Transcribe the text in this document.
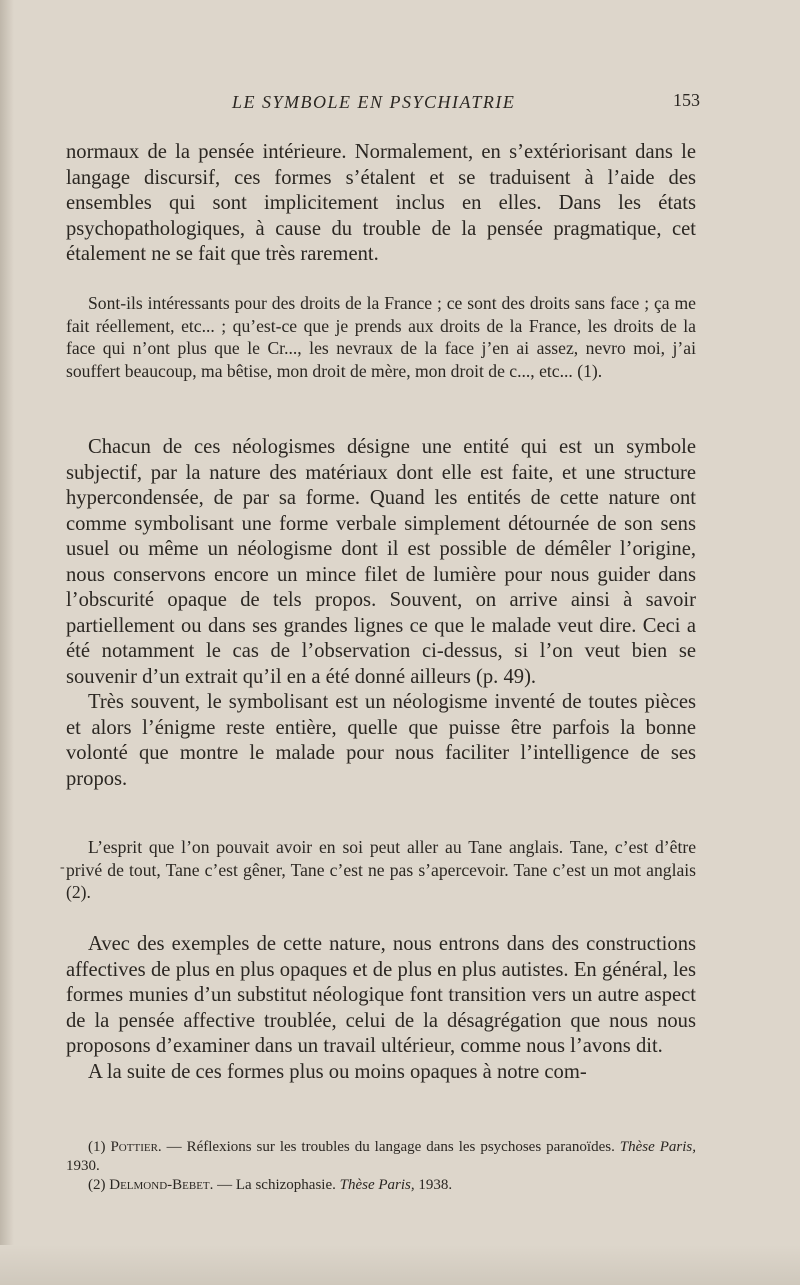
LE SYMBOLE EN PSYCHIATRIE	153

normaux de la pensée intérieure. Normalement, en s’extériorisant dans le langage discursif, ces formes s’étalent et se traduisent à l’aide des ensembles qui sont implicitement inclus en elles. Dans les états psychopathologiques, à cause du trouble de la pensée pragmatique, cet étalement ne se fait que très rarement.

Sont-ils intéressants pour des droits de la France ; ce sont des droits sans face ; ça me fait réellement, etc... ; qu’est-ce que je prends aux droits de la France, les droits de la face qui n’ont plus que le Cr..., les nevraux de la face j’en ai assez, nevro moi, j’ai souffert beaucoup, ma bêtise, mon droit de mère, mon droit de c..., etc... (1).

Chacun de ces néologismes désigne une entité qui est un symbole subjectif, par la nature des matériaux dont elle est faite, et une structure hypercondensée, de par sa forme. Quand les entités de cette nature ont comme symbolisant une forme verbale simplement détournée de son sens usuel ou même un néologisme dont il est possible de démêler l’origine, nous conservons encore un mince filet de lumière pour nous guider dans l’obscurité opaque de tels propos. Souvent, on arrive ainsi à savoir partiellement ou dans ses grandes lignes ce que le malade veut dire. Ceci a été notamment le cas de l’observation ci-dessus, si l’on veut bien se souvenir d’un extrait qu’il en a été donné ailleurs (p. 49).

Très souvent, le symbolisant est un néologisme inventé de toutes pièces et alors l’énigme reste entière, quelle que puisse être parfois la bonne volonté que montre le malade pour nous faciliter l’intelligence de ses propos.

-

L’esprit que l’on pouvait avoir en soi peut aller au Tane anglais. Tane, c’est d’être privé de tout, Tane c’est gêner, Tane c’est ne pas s’apercevoir. Tane c’est un mot anglais (2).

Avec des exemples de cette nature, nous entrons dans des constructions affectives de plus en plus opaques et de plus en plus autistes. En général, les formes munies d’un substitut néologique font transition vers un autre aspect de la pensée affective troublée, celui de la désagrégation que nous nous proposons d’examiner dans un travail ultérieur, comme nous l’avons dit.

A la suite de ces formes plus ou moins opaques à notre com-

(1) Pottier. — Réflexions sur les troubles du langage dans les psychoses paranoïdes. Thèse Paris, 1930.

(2) Delmond-Bebet. — La schizophasie. Thèse Paris, 1938.
